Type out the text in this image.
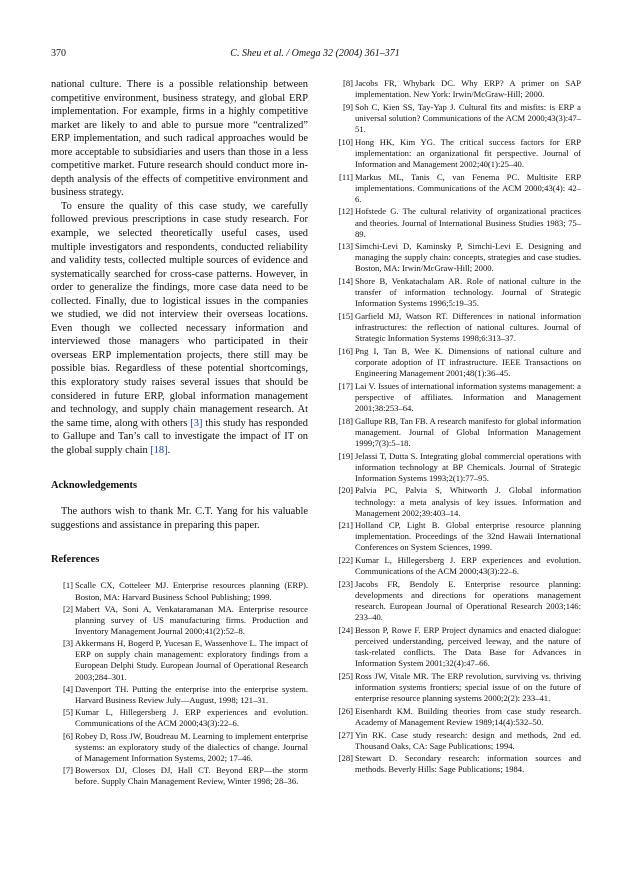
370	C. Sheu et al. / Omega 32 (2004) 361–371

national culture. There is a possible relationship between competitive environment, business strategy, and global ERP implementation. For example, firms in a highly competitive market are likely to and able to pursue more “centralized” ERP implementation, and such radical approaches would be more acceptable to subsidiaries and users than those in a less competitive market. Future research should conduct more in-depth analysis of the effects of competitive environment and business strategy.

To ensure the quality of this case study, we carefully followed previous prescriptions in case study research. For example, we selected theoretically useful cases, used multiple investigators and respondents, conducted reliability and validity tests, collected multiple sources of evidence and systematically searched for cross-case patterns. However, in order to generalize the findings, more case data need to be collected. Finally, due to logistical issues in the companies we studied, we did not interview their overseas locations. Even though we collected necessary information and interviewed those managers who participated in their overseas ERP implementation projects, there still may be possible bias. Regardless of these potential shortcomings, this exploratory study raises several issues that should be considered in future ERP, global information management and technology, and supply chain management research. At the same time, along with others [3] this study has responded to Gallupe and Tan’s call to investigate the impact of IT on the global supply chain [18].

Acknowledgements

The authors wish to thank Mr. C.T. Yang for his valuable suggestions and assistance in preparing this paper.

References
[1] Scalle CX, Cotteleer MJ. Enterprise resources planning (ERP). Boston, MA: Harvard Business School Publishing; 1999.
[2] Mabert VA, Soni A, Venkataramanan MA. Enterprise resource planning survey of US manufacturing firms. Production and Inventory Management Journal 2000;41(2):52–8.
[3] Akkermans H, Bogerd P, Yucesan E, Wassenhove L. The impact of ERP on supply chain management: exploratory findings from a European Delphi Study. European Journal of Operational Research 2003;284–301.
[4] Davenport TH. Putting the enterprise into the enterprise system. Harvard Business Review July—August, 1998; 121–31.
[5] Kumar L, Hillegersberg J. ERP experiences and evolution. Communications of the ACM 2000;43(3):22–6.
[6] Robey D, Ross JW, Boudreau M. Learning to implement enterprise systems: an exploratory study of the dialectics of change. Journal of Management Information Systems, 2002; 17–46.
[7] Bowersox DJ, Closes DJ, Hall CT. Beyond ERP—the storm before. Supply Chain Management Review, Winter 1998; 28–36.
[8] Jacobs FR, Whybark DC. Why ERP? A primer on SAP implementation. New York: Irwin/McGraw-Hill; 2000.
[9] Soh C, Kien SS, Tay-Yap J. Cultural fits and misfits: is ERP a universal solution? Communications of the ACM 2000;43(3):47–51.
[10] Hong HK, Kim YG. The critical success factors for ERP implementation: an organizational fit perspective. Journal of Information and Management 2002;40(1):25–40.
[11] Markus ML, Tanis C, van Fenema PC. Multisite ERP implementations. Communications of the ACM 2000;43(4): 42–6.
[12] Hofstede G. The cultural relativity of organizational practices and theories. Journal of International Business Studies 1983; 75–89.
[13] Simchi-Levi D, Kaminsky P, Simchi-Levi E. Designing and managing the supply chain: concepts, strategies and case studies. Boston, MA: Irwin/McGraw-Hill; 2000.
[14] Shore B, Venkatachalam AR. Role of national culture in the transfer of information technology. Journal of Strategic Information Systems 1996;5:19–35.
[15] Garfield MJ, Watson RT. Differences in national information infrastructures: the reflection of national cultures. Journal of Strategic Information Systems 1998;6:313–37.
[16] Png I, Tan B, Wee K. Dimensions of national culture and corporate adoption of IT infrastructure. IEEE Transactions on Engineering Management 2001;48(1):36–45.
[17] Lai V. Issues of international information systems management: a perspective of affiliates. Information and Management 2001;38:253–64.
[18] Gallupe RB, Tan FB. A research manifesto for global information management. Journal of Global Information Management 1999;7(3):5–18.
[19] Jelassi T, Dutta S. Integrating global commercial operations with information technology at BP Chemicals. Journal of Strategic Information Systems 1993;2(1):77–95.
[20] Palvia PC, Palvia S, Whitworth J. Global information technology: a meta analysis of key issues. Information and Management 2002;39:403–14.
[21] Holland CP, Light B. Global enterprise resource planning implementation. Proceedings of the 32nd Hawaii International Conferences on System Sciences, 1999.
[22] Kumar L, Hillegersberg J. ERP experiences and evolution. Communications of the ACM 2000;43(3):22–6.
[23] Jacobs FR, Bendoly E. Enterprise resource planning: developments and directions for operations management research. European Journal of Operational Research 2003;146: 233–40.
[24] Besson P, Rowe F. ERP Project dynamics and enacted dialogue: perceived understanding, perceived leeway, and the nature of task-related conflicts. The Data Base for Advances in Information System 2001;32(4):47–66.
[25] Ross JW, Vitale MR. The ERP revolution, surviving vs. thriving information systems frontiers; special issue of on the future of enterprise resource planning systems 2000;2(2): 233–41.
[26] Eisenhardt KM. Building theories from case study research. Academy of Management Review 1989;14(4):532–50.
[27] Yin RK. Case study research: design and methods, 2nd ed. Thousand Oaks, CA: Sage Publications; 1994.
[28] Stewart D. Secondary research: information sources and methods. Beverly Hills: Sage Publications; 1984.
